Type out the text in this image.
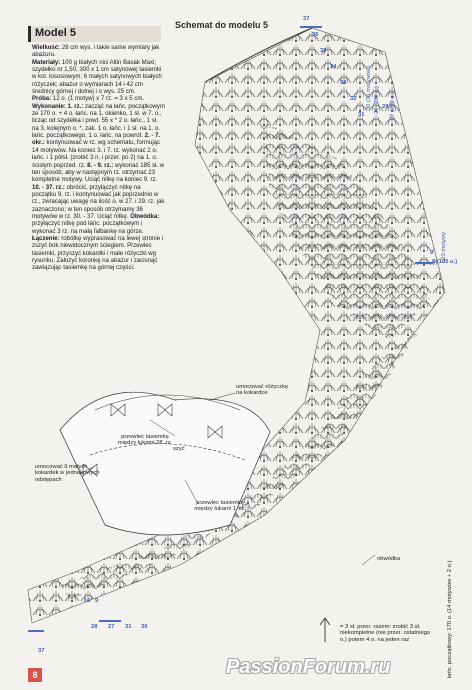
Model 5
Schemat do modelu 5

Wielkość: 28 cm wys. i takie same wymiary jak abażuru.

Materiały: 100 g białych nici Altin Basak Maxi; szydełko nr 1,50; 300 x 1 cm satynowej tasiemki w kol. łososiowym; 6 małych satynowych białych różyczek; abażur o wymiarach 14 i 42 cm średnicy górnej i dolnej i o wys. 25 cm.

Próba: 12 o. (1 motyw) x 7 rz. = 3 x 5 cm.

Wykonanie: 1. rz.: zacząć na łańc. początkowym ze 170 o. + 4 o. łańc. na 1. okienko, 1 sł. w 7. o., licząc od szydełka i powt. 55 x * 2 o. łańc., 1 sł. na 3. kolejnym o. *, zak. 1 o. łańc. i 1 sł. na 1. o. łańc. początkowego, 1 o. łańc. na powrót. 2. - 7. okr.: kontynuować w rz. wg schematu, formując 14 motywów. Na koniec 3. i 7. rz. wykonać 2 o. łańc. i 1 półsł. (zrobić 3 n. i przer. po 2) na 1. o. ścisłym poprzed. rz. 8. - 9. rz.: wykonać 185 sł. w ten sposób, aby w następnym rz. otrzymać 23 kompletne motywy. Uciąć nitkę na koniec 9. rz. 10. - 37. rz.: obrócić, przyłączyć nitkę na początku 9. rz. i kontynuować jak poprzednio w rz., zwracając uwagę na ilość o. w 27. i 29. rz. jak zaznaczono; w ten sposób otrzymamy 36 motywów w rz. 30. - 37. Uciąć nitkę. Obwódka: przyłączyć nitkę pod łańc. początkowym i wykonać 3 rz. na małą falbankę na górze. Łączenie: robótkę wyprasować na lewej stronie i zszyć bok niewidocznym ściegiem. Przewlec tasiemki, przyszyć kokardki i małe różyczki wg rysunku. Założyć koronkę na abażur i zacisnąć zawiązując tasiemkę na górnej części.

umocować różyczkę na kokardce
przewlec tasiemkę między łukami 28. rz.
szyć
umocować 6 małych kokardek w jednakowych odstępach
przewlec tasiemkę między łukami 1. rz.
obwódka
łańc. początkowy: 170 o. (14 motywów + 2 o.)
= 3 sł. przer. razem: zrobić 3 sł. niekompletne (nie przer. ostatniego o.) potem 4 o. na jeden raz
37
36
35
34
33
32
31
30 (36 motywów) 29 (289 o.) 28 27 (290 o.)
23 motywy
9
8 (185 o.)
10 9
28 27 31 30
37
8	PassionForum.ru
